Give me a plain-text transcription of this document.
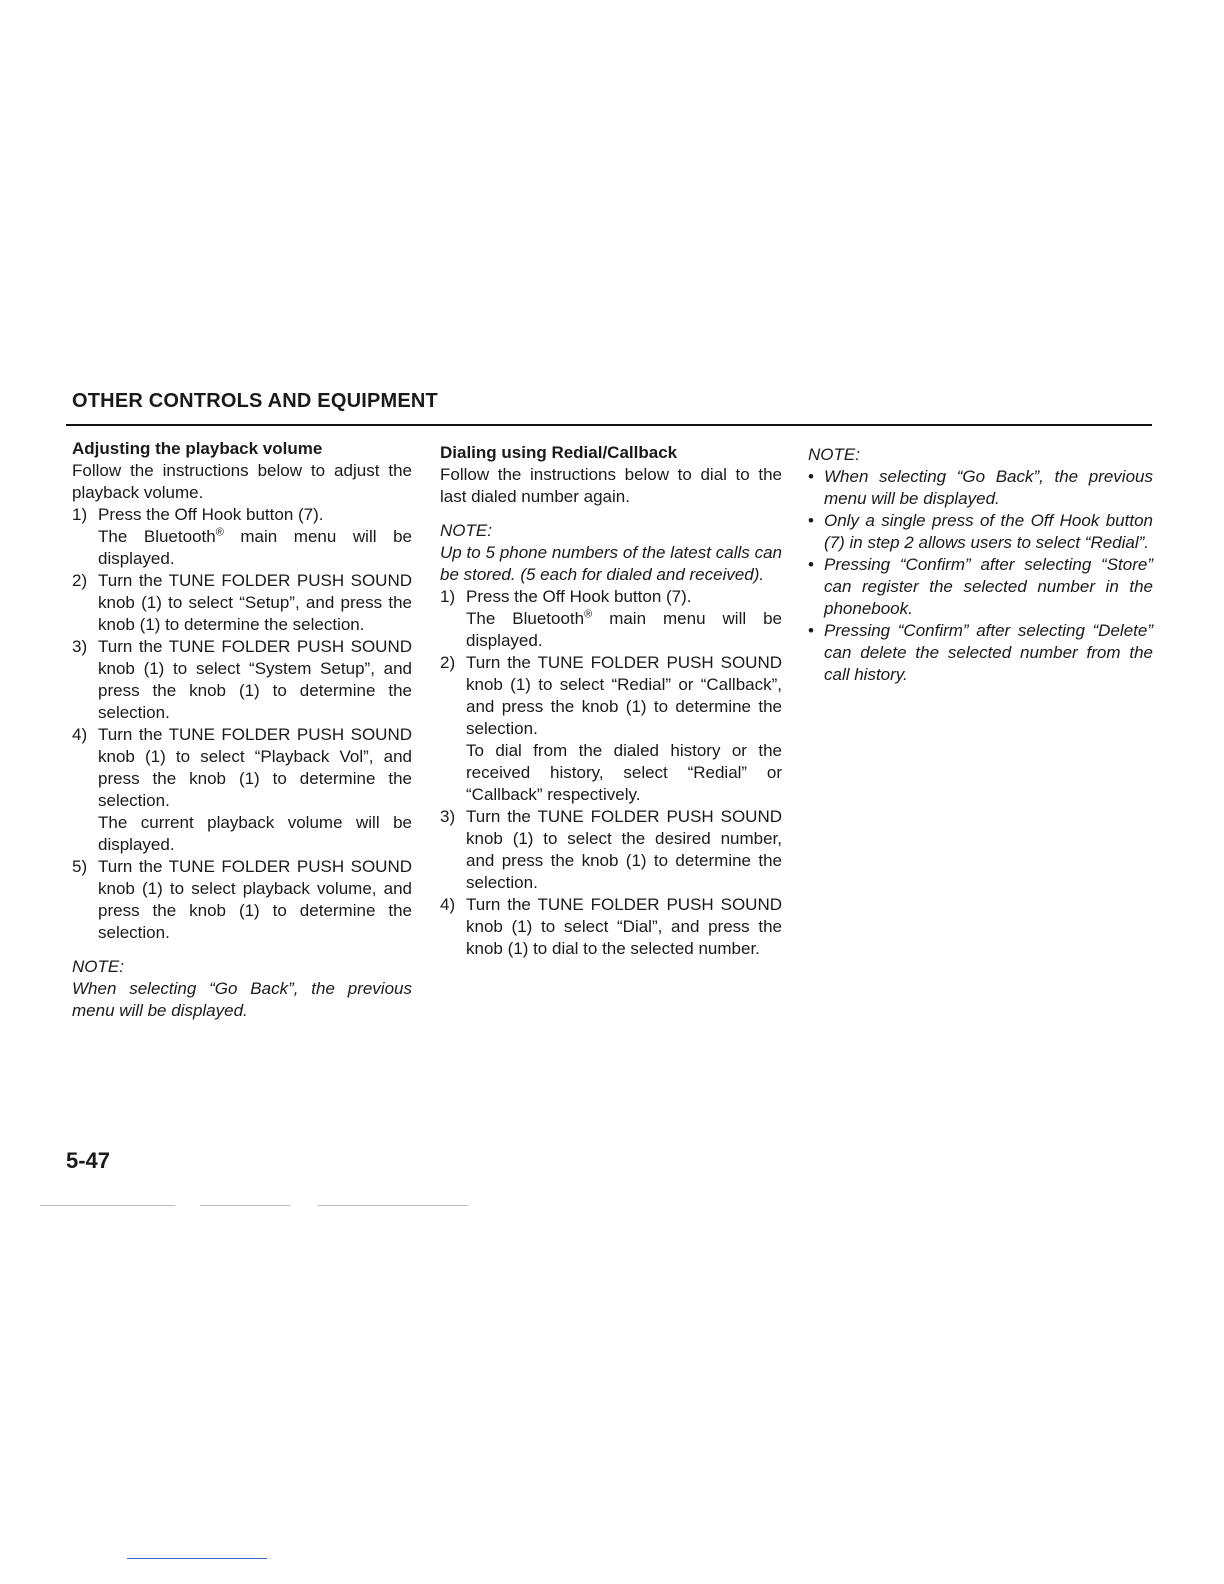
OTHER CONTROLS AND EQUIPMENT

Adjusting the playback volume

Follow the instructions below to adjust the playback volume.

1) Press the Off Hook button (7).

The Bluetooth® main menu will be displayed.

2) Turn the TUNE FOLDER PUSH SOUND knob (1) to select “Setup”, and press the knob (1) to determine the selection.

3) Turn the TUNE FOLDER PUSH SOUND knob (1) to select “System Setup”, and press the knob (1) to determine the selection.

4) Turn the TUNE FOLDER PUSH SOUND knob (1) to select “Playback Vol”, and press the knob (1) to determine the selection.

The current playback volume will be displayed.

5) Turn the TUNE FOLDER PUSH SOUND knob (1) to select playback volume, and press the knob (1) to determine the selection.

NOTE:

When selecting “Go Back”, the previous menu will be displayed.

Dialing using Redial/Callback

Follow the instructions below to dial to the last dialed number again.

NOTE:

Up to 5 phone numbers of the latest calls can be stored. (5 each for dialed and received).

1) Press the Off Hook button (7).

The Bluetooth® main menu will be displayed.

2) Turn the TUNE FOLDER PUSH SOUND knob (1) to select “Redial” or “Callback”, and press the knob (1) to determine the selection.

To dial from the dialed history or the received history, select “Redial” or “Callback” respectively.

3) Turn the TUNE FOLDER PUSH SOUND knob (1) to select the desired number, and press the knob (1) to determine the selection.

4) Turn the TUNE FOLDER PUSH SOUND knob (1) to select “Dial”, and press the knob (1) to dial to the selected number.

NOTE:

• When selecting “Go Back”, the previous menu will be displayed.
• Only a single press of the Off Hook button (7) in step 2 allows users to select “Redial”.
• Pressing “Confirm” after selecting “Store” can register the selected number in the phonebook.
• Pressing “Confirm” after selecting “Delete” can delete the selected number from the call history.
5-47
